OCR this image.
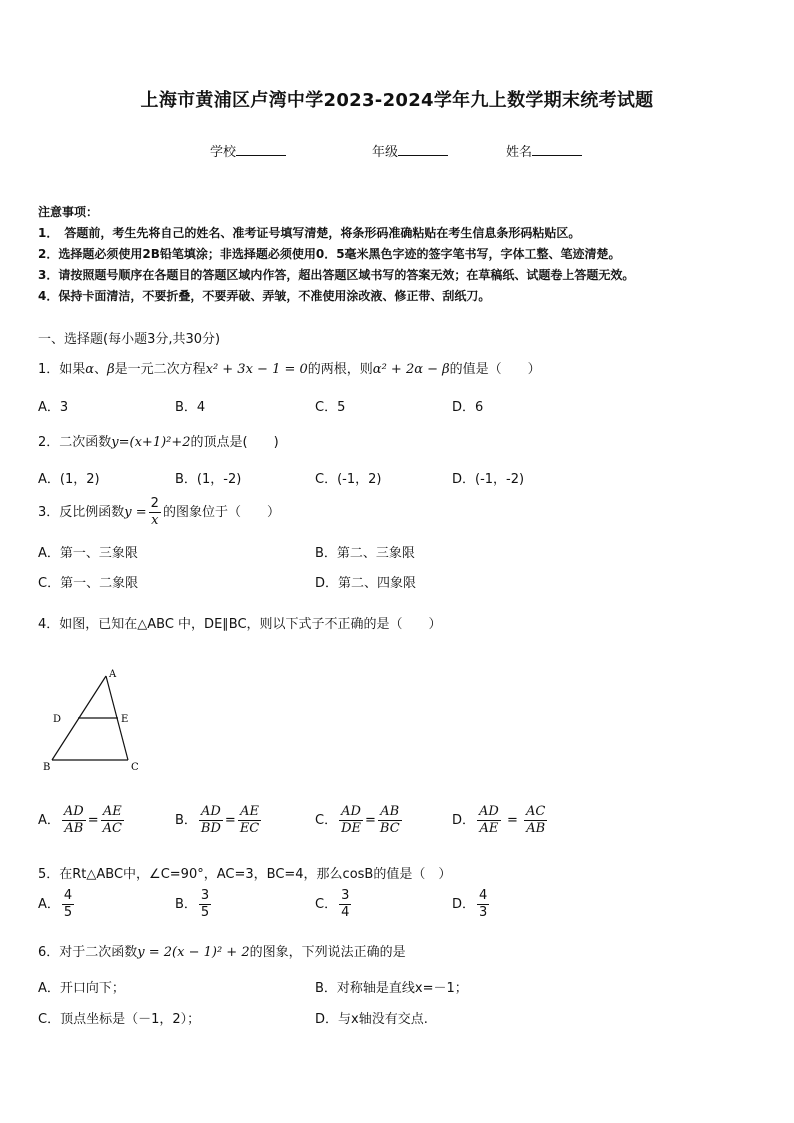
上海市黄浦区卢湾中学2023-2024学年九上数学期末统考试题
学校	年级	姓名
注意事项：
1．　答题前，考生先将自己的姓名、准考证号填写清楚，将条形码准确粘贴在考生信息条形码粘贴区。
2．选择题必须使用2B铅笔填涂；非选择题必须使用0．5毫米黑色字迹的签字笔书写，字体工整、笔迹清楚。
3．请按照题号顺序在各题目的答题区域内作答，超出答题区域书写的答案无效；在草稿纸、试题卷上答题无效。
4．保持卡面清洁，不要折叠，不要弄破、弄皱，不准使用涂改液、修正带、刮纸刀。
一、选择题(每小题3分,共30分)
1．如果α、β是一元二次方程x² + 3x − 1 = 0的两根，则α² + 2α − β的值是（　　）
A．3	B．4	C．5	D．6
2．二次函数y=(x+1)²+2的顶点是(　　)
A．(1，2)	B．(1，-2)	C．(-1，2)	D．(-1，-2)
3．反比例函数$y = \frac{2}{x}$ 的图象位于（　　）
A．第一、三象限	B．第二、三象限
C．第一、二象限	D．第二、四象限
4．如图，已知在△ABC 中，DE∥BC，则以下式子不正确的是（　　）
A
D	E
B	C
A． $\frac{AD}{AB} = \frac{AE}{AC}$	B． $\frac{AD}{BD} = \frac{AE}{EC}$	C． $\frac{AD}{DE} = \frac{AB}{BC}$	D． $\frac{AD}{AE} = \frac{AC}{AB}$
5．在Rt△ABC中，∠C=90°，AC=3，BC=4，那么cosB的值是（　）
A． $\frac{4}{5}$	B． $\frac{3}{5}$	C． $\frac{3}{4}$	D． $\frac{4}{3}$
6．对于二次函数y = 2(x − 1)² + 2的图象，下列说法正确的是
A．开口向下；	B．对称轴是直线x=－1；
C．顶点坐标是（－1，2）；	D．与x轴没有交点.
